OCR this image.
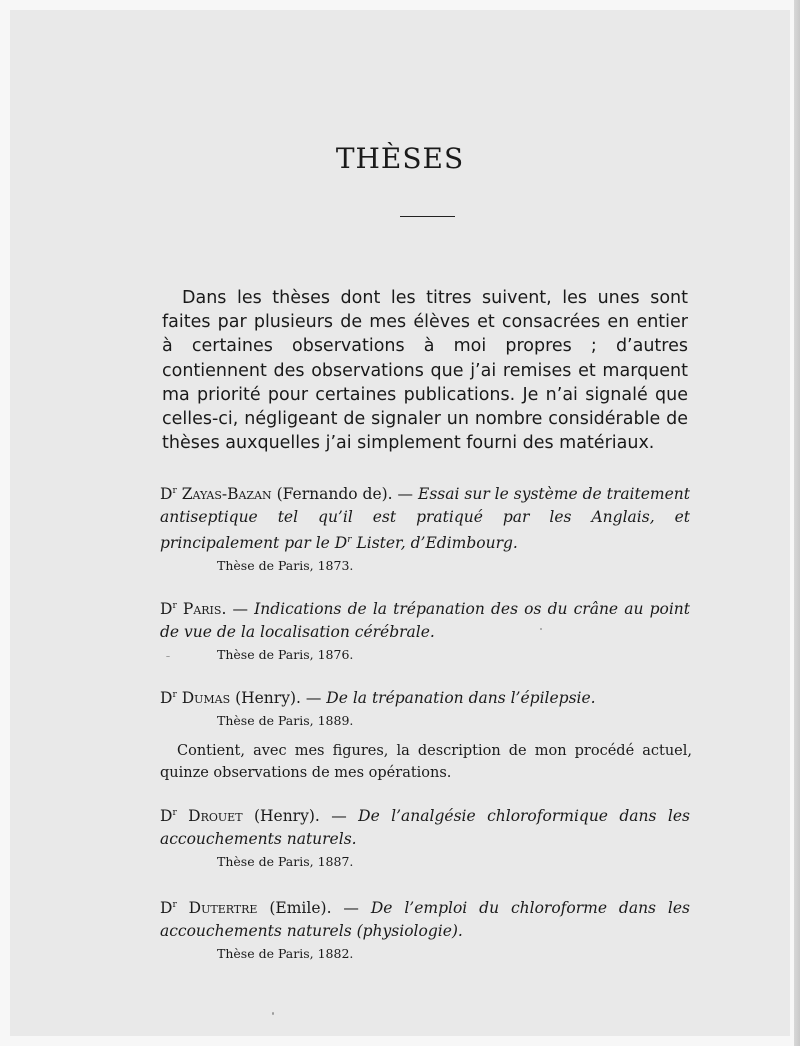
THÈSES

Dans les thèses dont les titres suivent, les unes sont faites par plusieurs de mes élèves et consacrées en entier à certaines observations à moi propres ; d’autres contiennent des observations que j’ai remises et marquent ma priorité pour certaines publications. Je n’ai signalé que celles-ci, négligeant de signaler un nombre considérable de thèses auxquelles j’ai simplement fourni des matériaux.

$D^r$ Zayas-Bazan (Fernando de). — Essai sur le système de traitement antiseptique tel qu’il est pratiqué par les Anglais, et principalement par le $D^r$ Lister, d’Edimbourg.

Thèse de Paris, 1873.

$D^r$ Paris. — Indications de la trépanation des os du crâne au point de vue de la localisation cérébrale.

Thèse de Paris, 1876.

$D^r$ Dumas (Henry). — De la trépanation dans l’épilepsie.

Thèse de Paris, 1889.

Contient, avec mes figures, la description de mon procédé actuel, quinze observations de mes opérations.

$D^r$ Drouet (Henry). — De l’analgésie chloroformique dans les accouchements naturels.

Thèse de Paris, 1887.

$D^r$ Dutertre (Emile). — De l’emploi du chloroforme dans les accouchements naturels (physiologie).

Thèse de Paris, 1882.
